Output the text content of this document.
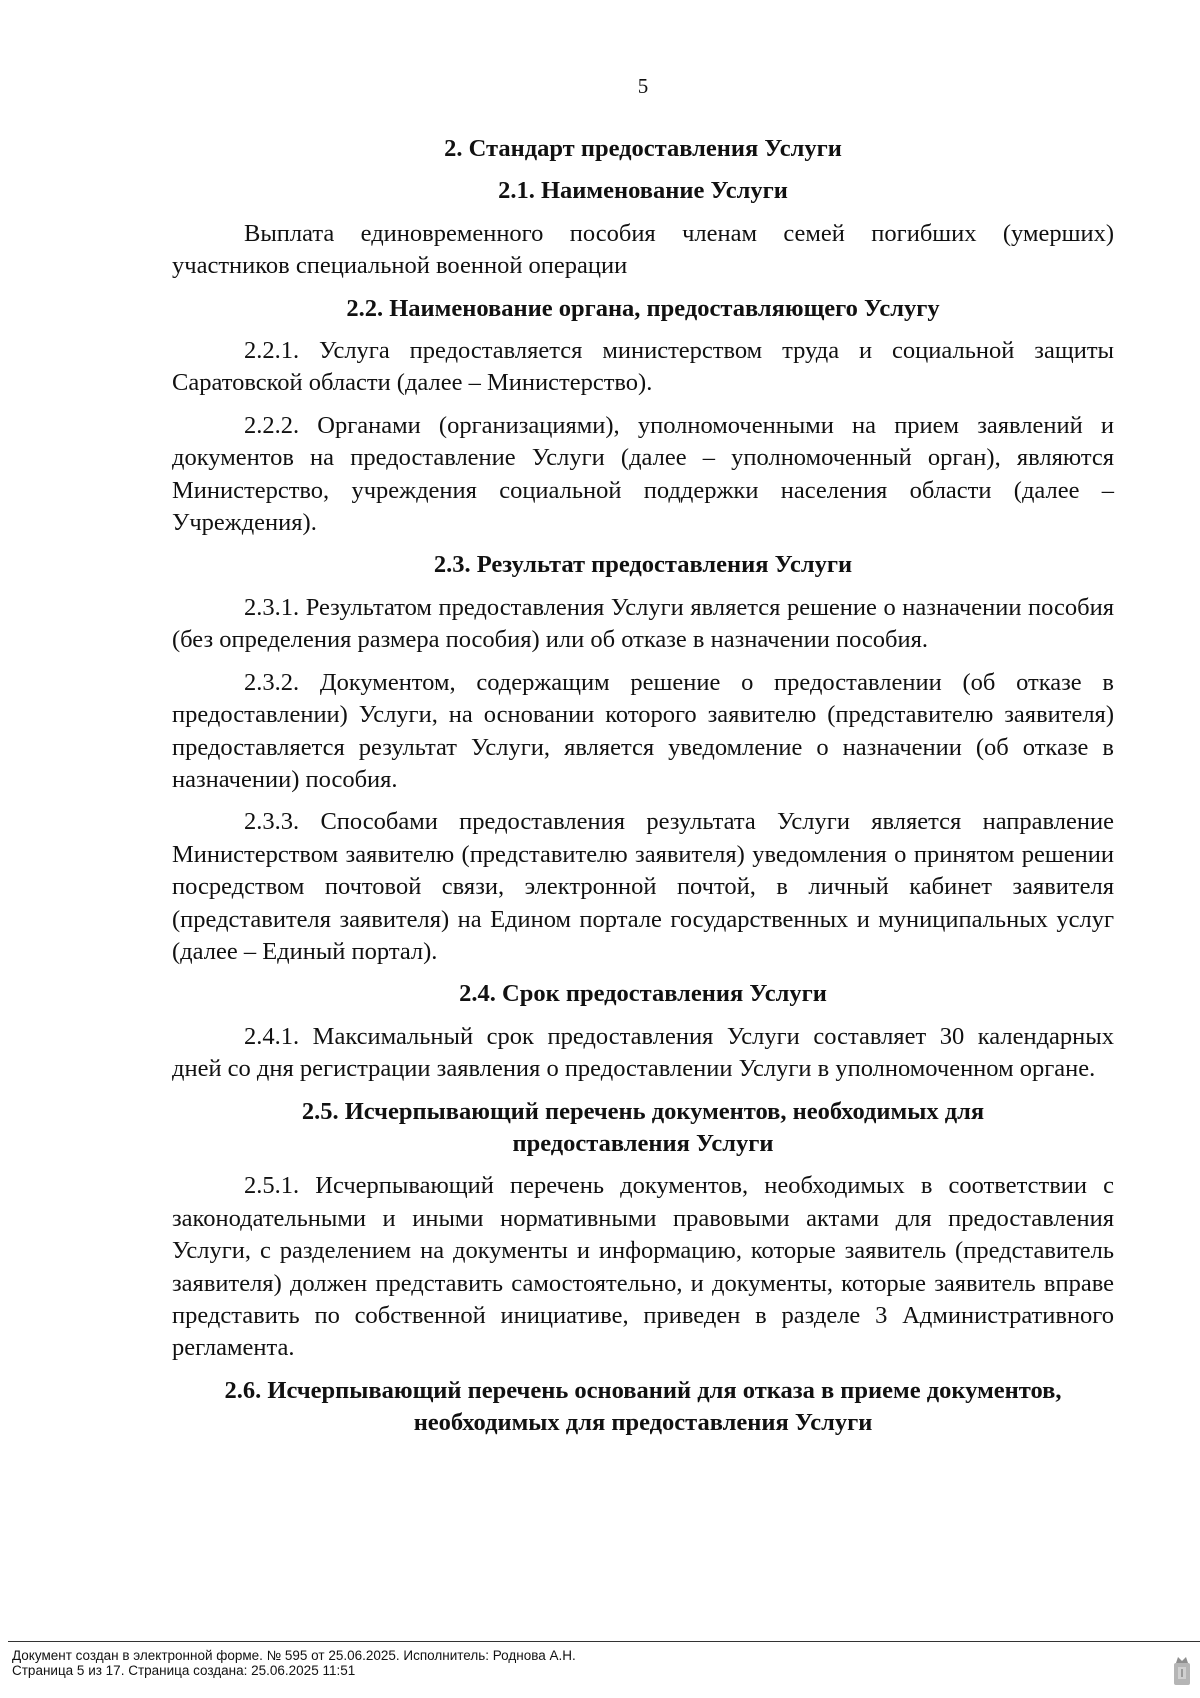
5
2. Стандарт предоставления Услуги
2.1. Наименование Услуги

Выплата единовременного пособия членам семей погибших (умерших) участников специальной военной операции

2.2. Наименование органа, предоставляющего Услугу

2.2.1. Услуга предоставляется министерством труда и социальной защиты Саратовской области (далее – Министерство).

2.2.2. Органами (организациями), уполномоченными на прием заявлений и документов на предоставление Услуги (далее – уполномоченный орган), являются Министерство, учреждения социальной поддержки населения области (далее – Учреждения).

2.3. Результат предоставления Услуги

2.3.1. Результатом предоставления Услуги является решение о назначении пособия (без определения размера пособия) или об отказе в назначении пособия.

2.3.2. Документом, содержащим решение о предоставлении (об отказе в предоставлении) Услуги, на основании которого заявителю (представителю заявителя) предоставляется результат Услуги, является уведомление о назначении (об отказе в назначении) пособия.

2.3.3. Способами предоставления результата Услуги является направление Министерством заявителю (представителю заявителя) уведомления о принятом решении посредством почтовой связи, электронной почтой, в личный кабинет заявителя (представителя заявителя) на Едином портале государственных и муниципальных услуг (далее – Единый портал).

2.4. Срок предоставления Услуги

2.4.1. Максимальный срок предоставления Услуги составляет 30 календарных дней со дня регистрации заявления о предоставлении Услуги в уполномоченном органе.

2.5. Исчерпывающий перечень документов, необходимых для предоставления Услуги

2.5.1. Исчерпывающий перечень документов, необходимых в соответствии с законодательными и иными нормативными правовыми актами для предоставления Услуги, с разделением на документы и информацию, которые заявитель (представитель заявителя) должен представить самостоятельно, и документы, которые заявитель вправе представить по собственной инициативе, приведен в разделе 3 Административного регламента.

2.6. Исчерпывающий перечень оснований для отказа в приеме документов, необходимых для предоставления Услуги
Документ создан в электронной форме. № 595 от 25.06.2025. Исполнитель: Роднова А.Н.
Страница 5 из 17. Страница создана: 25.06.2025 11:51
